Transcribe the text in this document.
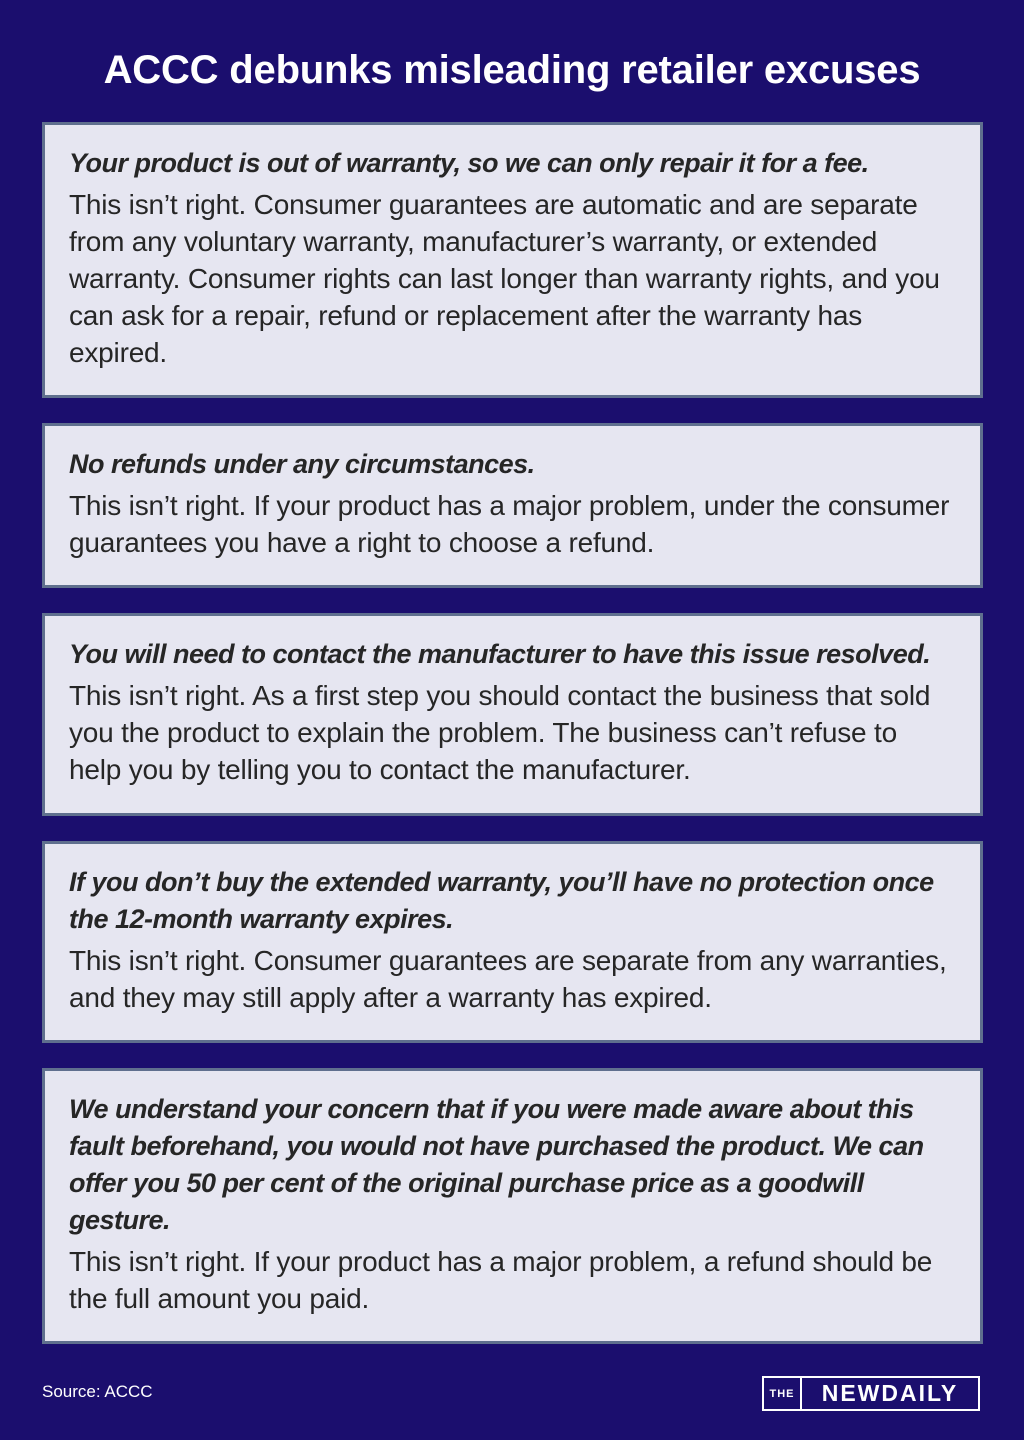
ACCC debunks misleading retailer excuses

Your product is out of warranty, so we can only repair it for a fee.

This isn’t right. Consumer guarantees are automatic and are separate from any voluntary warranty, manufacturer’s warranty, or extended warranty. Consumer rights can last longer than warranty rights, and you can ask for a repair, refund or replacement after the warranty has expired.

No refunds under any circumstances.

This isn’t right. If your product has a major problem, under the consumer guarantees you have a right to choose a refund.

You will need to contact the manufacturer to have this issue resolved.

This isn’t right. As a first step you should contact the business that sold you the product to explain the problem. The business can’t refuse to help you by telling you to contact the manufacturer.

If you don’t buy the extended warranty, you’ll have no protection once the 12-month warranty expires.

This isn’t right. Consumer guarantees are separate from any warranties, and they may still apply after a warranty has expired.

We understand your concern that if you were made aware about this fault beforehand, you would not have purchased the product. We can offer you 50 per cent of the original purchase price as a goodwill gesture.

This isn’t right. If your product has a major problem, a refund should be the full amount you paid.

Source: ACCC	THE	NEWDAILY
